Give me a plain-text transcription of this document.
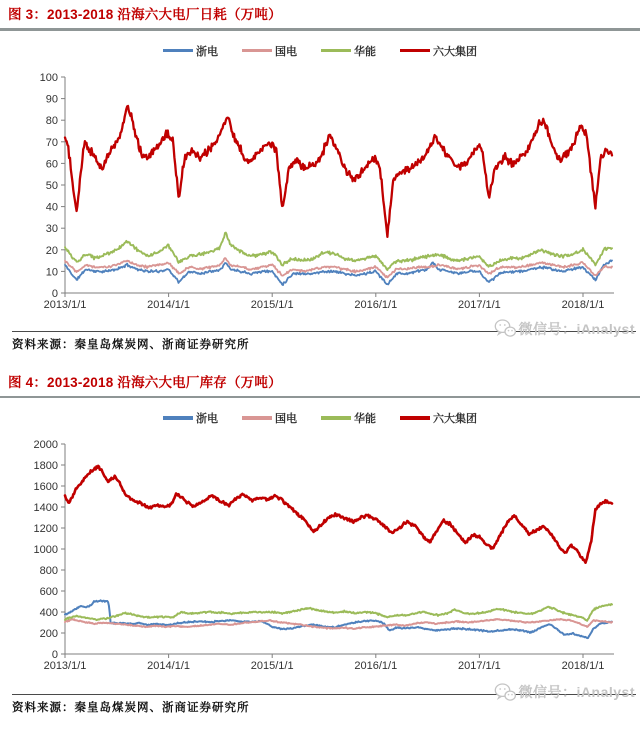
图 3：2013-2018 沿海六大电厂日耗（万吨）
浙电	国电	华能	六大集团
0
10
20
30
40
50
60
70
80
90
100
2013/1/1	2014/1/1	2015/1/1	2016/1/1	2017/1/1	2018/1/1
微信号：iAnalyst
资料来源：秦皇岛煤炭网、浙商证券研究所
图 4：2013-2018 沿海六大电厂库存（万吨）
浙电	国电	华能	六大集团
0
200
400
600
800
1000
1200
1400
1600
1800
2000
2013/1/1	2014/1/1	2015/1/1	2016/1/1	2017/1/1	2018/1/1
微信号：iAnalyst
资料来源：秦皇岛煤炭网、浙商证券研究所
